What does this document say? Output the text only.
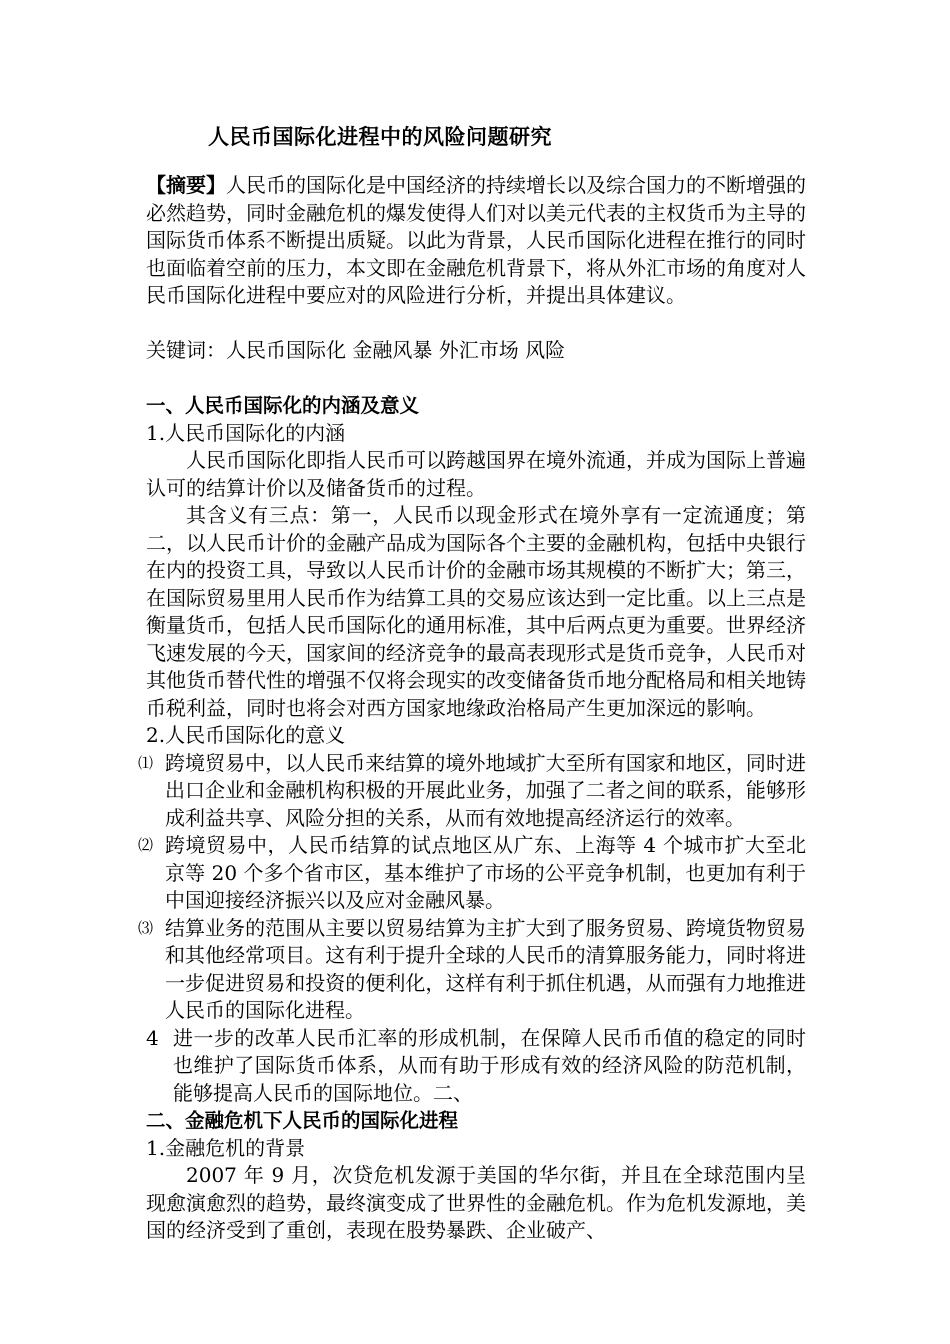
人民币国际化进程中的风险问题研究

【摘要】人民币的国际化是中国经济的持续增长以及综合国力的不断增强的必然趋势，同时金融危机的爆发使得人们对以美元代表的主权货币为主导的国际货币体系不断提出质疑。以此为背景，人民币国际化进程在推行的同时也面临着空前的压力，本文即在金融危机背景下，将从外汇市场的角度对人民币国际化进程中要应对的风险进行分析，并提出具体建议。

关键词：人民币国际化 金融风暴 外汇市场 风险

一、人民币国际化的内涵及意义

1.人民币国际化的内涵

人民币国际化即指人民币可以跨越国界在境外流通，并成为国际上普遍认可的结算计价以及储备货币的过程。

其含义有三点：第一，人民币以现金形式在境外享有一定流通度；第二，以人民币计价的金融产品成为国际各个主要的金融机构，包括中央银行在内的投资工具，导致以人民币计价的金融市场其规模的不断扩大；第三，在国际贸易里用人民币作为结算工具的交易应该达到一定比重。以上三点是衡量货币，包括人民币国际化的通用标准，其中后两点更为重要。世界经济飞速发展的今天，国家间的经济竞争的最高表现形式是货币竞争，人民币对其他货币替代性的增强不仅将会现实的改变储备货币地分配格局和相关地铸币税利益，同时也将会对西方国家地缘政治格局产生更加深远的影响。

2.人民币国际化的意义

⑴ 跨境贸易中，以人民币来结算的境外地域扩大至所有国家和地区，同时进出口企业和金融机构积极的开展此业务，加强了二者之间的联系，能够形成利益共享、风险分担的关系，从而有效地提高经济运行的效率。
⑵ 跨境贸易中，人民币结算的试点地区从广东、上海等 4 个城市扩大至北京等 20 个多个省市区，基本维护了市场的公平竞争机制，也更加有利于中国迎接经济振兴以及应对金融风暴。
⑶ 结算业务的范围从主要以贸易结算为主扩大到了服务贸易、跨境货物贸易和其他经常项目。这有利于提升全球的人民币的清算服务能力，同时将进一步促进贸易和投资的便利化，这样有利于抓住机遇，从而强有力地推进人民币的国际化进程。
4 进一步的改革人民币汇率的形成机制，在保障人民币币值的稳定的同时也维护了国际货币体系，从而有助于形成有效的经济风险的防范机制，能够提高人民币的国际地位。二、

二、金融危机下人民币的国际化进程

1.金融危机的背景

2007 年 9 月，次贷危机发源于美国的华尔街，并且在全球范围内呈现愈演愈烈的趋势，最终演变成了世界性的金融危机。作为危机发源地，美国的经济受到了重创，表现在股势暴跌、企业破产、
